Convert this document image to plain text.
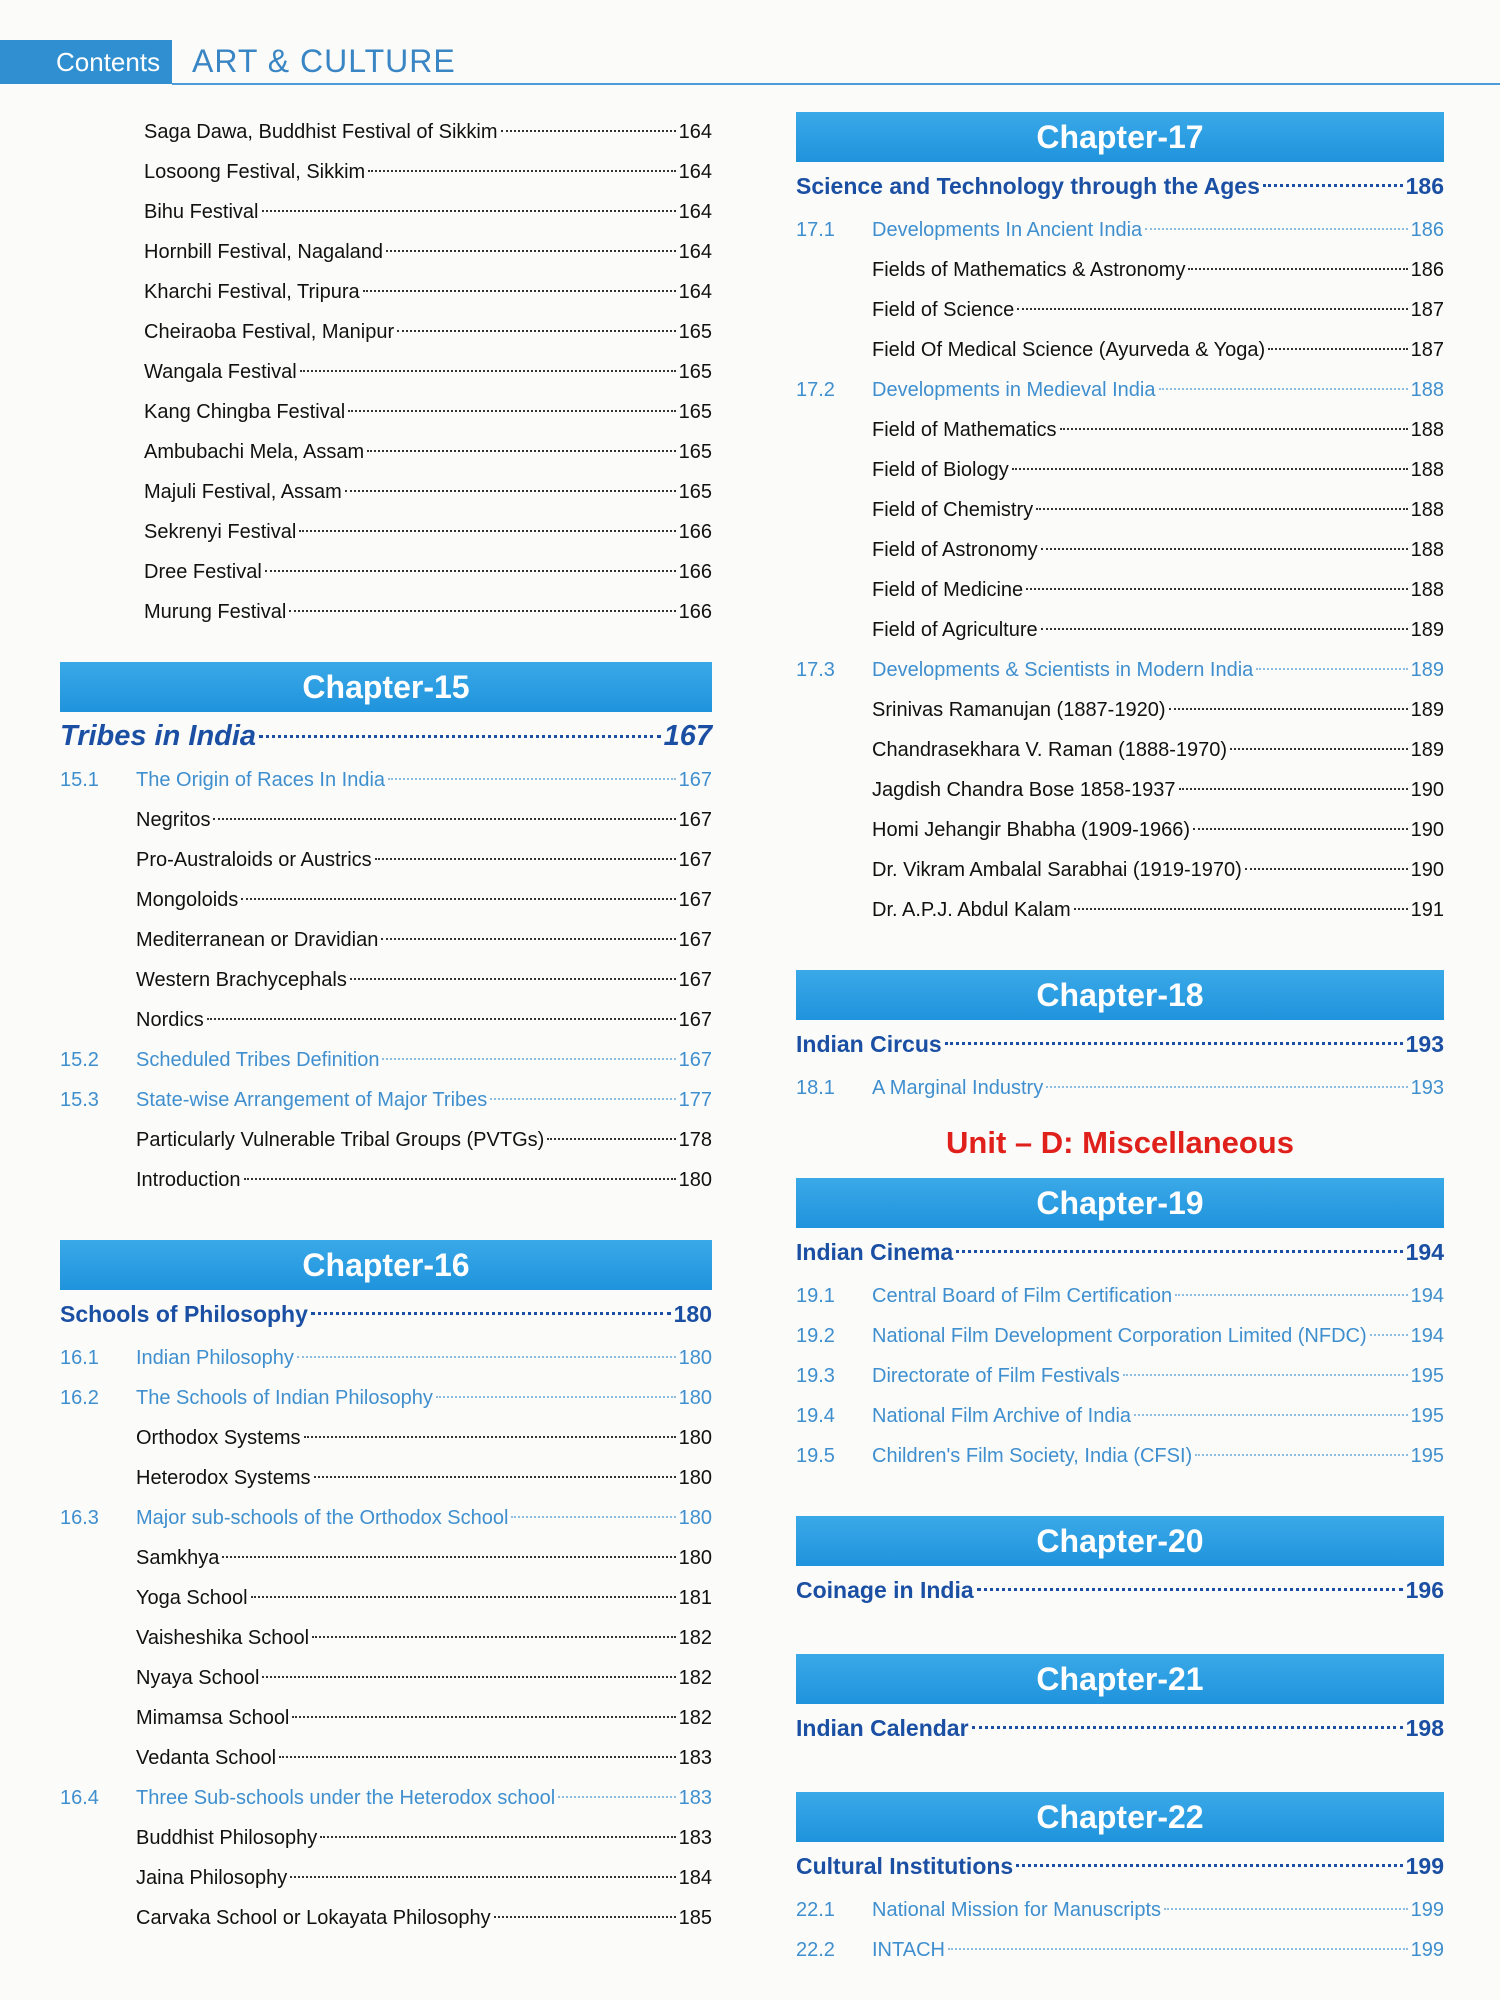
Contents ART & CULTURE
Saga Dawa, Buddhist Festival of Sikkim	164
Losoong Festival, Sikkim	164
Bihu Festival	164
Hornbill Festival, Nagaland	164
Kharchi Festival, Tripura	164
Cheiraoba Festival, Manipur	165
Wangala Festival	165
Kang Chingba Festival	165
Ambubachi Mela, Assam	165
Majuli Festival, Assam	165
Sekrenyi Festival	166
Dree Festival	166
Murung Festival	166
Chapter-15
Tribes in India	167
15.1	The Origin of Races In India	167
Negritos	167
Pro-Australoids or Austrics	167
Mongoloids	167
Mediterranean or Dravidian	167
Western Brachycephals	167
Nordics	167
15.2	Scheduled Tribes Definition	167
15.3	State-wise Arrangement of Major Tribes	177
Particularly Vulnerable Tribal Groups (PVTGs)	178
Introduction	180
Chapter-16
Schools of Philosophy	180
16.1	Indian Philosophy	180
16.2	The Schools of Indian Philosophy	180
Orthodox Systems	180
Heterodox Systems	180
16.3	Major sub-schools of the Orthodox School	180
Samkhya	180
Yoga School	181
Vaisheshika School	182
Nyaya School	182
Mimamsa School	182
Vedanta School	183
16.4	Three Sub-schools under the Heterodox school	183
Buddhist Philosophy	183
Jaina Philosophy	184
Carvaka School or Lokayata Philosophy	185
Chapter-17
Science and Technology through the Ages	186
17.1	Developments In Ancient India	186
Fields of Mathematics & Astronomy	186
Field of Science	187
Field Of Medical Science (Ayurveda & Yoga)	187
17.2	Developments in Medieval India	188
Field of Mathematics	188
Field of Biology	188
Field of Chemistry	188
Field of Astronomy	188
Field of Medicine	188
Field of Agriculture	189
17.3	Developments & Scientists in Modern India	189
Srinivas Ramanujan (1887-1920)	189
Chandrasekhara V. Raman (1888-1970)	189
Jagdish Chandra Bose 1858-1937	190
Homi Jehangir Bhabha (1909-1966)	190
Dr. Vikram Ambalal Sarabhai (1919-1970)	190
Dr. A.P.J. Abdul Kalam	191
Chapter-18
Indian Circus	193
18.1	A Marginal Industry	193
Unit – D: Miscellaneous
Chapter-19
Indian Cinema	194
19.1	Central Board of Film Certification	194
19.2	National Film Development Corporation Limited (NFDC) 194
19.3	Directorate of Film Festivals	195
19.4	National Film Archive of India	195
19.5	Children's Film Society, India (CFSI)	195
Chapter-20
Coinage in India	196
Chapter-21
Indian Calendar	198
Chapter-22
Cultural Institutions	199
22.1	National Mission for Manuscripts	199
22.2	INTACH	199
